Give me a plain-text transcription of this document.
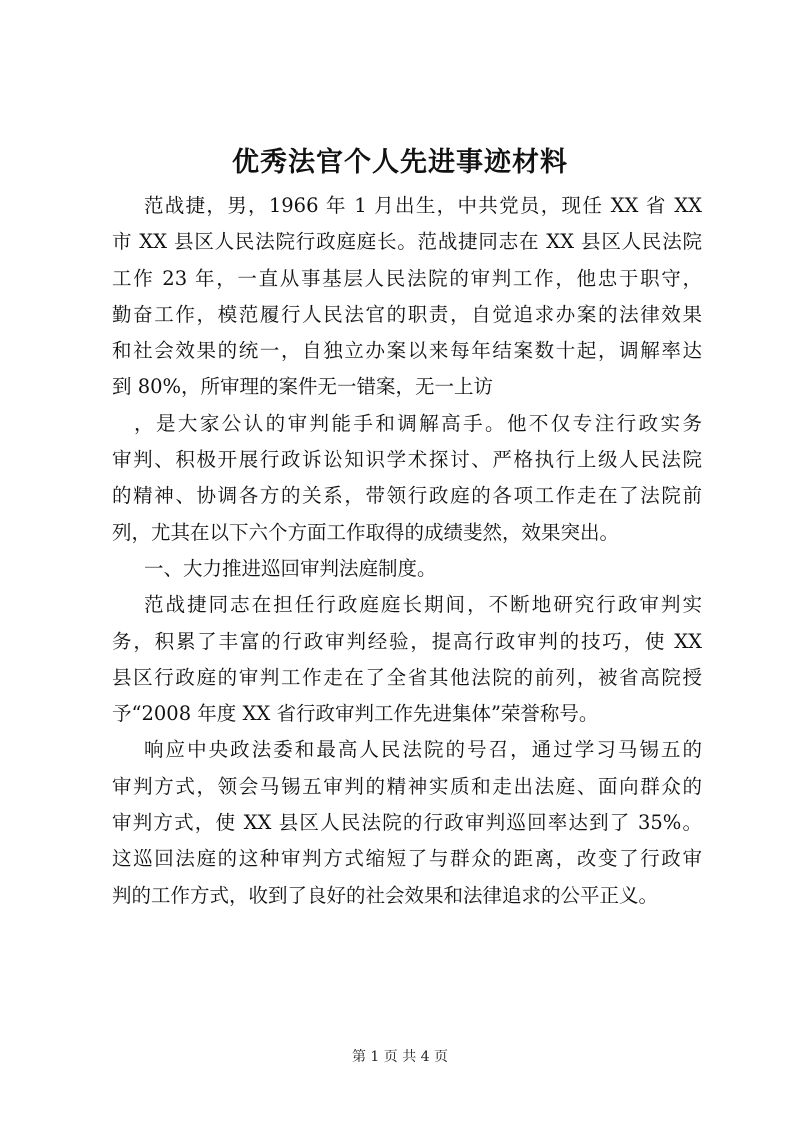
优秀法官个人先进事迹材料
范战捷，男，1966 年 1 月出生，中共党员，现任 XX 省 XX
市 XX 县区人民法院行政庭庭长。范战捷同志在 XX 县区人民法院
工作 23 年，一直从事基层人民法院的审判工作，他忠于职守，
勤奋工作，模范履行人民法官的职责，自觉追求办案的法律效果
和社会效果的统一，自独立办案以来每年结案数十起，调解率达
到 80%，所审理的案件无一错案，无一上访
，是大家公认的审判能手和调解高手。他不仅专注行政实务
审判、积极开展行政诉讼知识学术探讨、严格执行上级人民法院
的精神、协调各方的关系，带领行政庭的各项工作走在了法院前
列，尤其在以下六个方面工作取得的成绩斐然，效果突出。
一、大力推进巡回审判法庭制度。
范战捷同志在担任行政庭庭长期间，不断地研究行政审判实
务，积累了丰富的行政审判经验，提高行政审判的技巧，使 XX
县区行政庭的审判工作走在了全省其他法院的前列，被省高院授
予“2008 年度 XX 省行政审判工作先进集体”荣誉称号。
响应中央政法委和最高人民法院的号召，通过学习马锡五的
审判方式，领会马锡五审判的精神实质和走出法庭、面向群众的
审判方式，使 XX 县区人民法院的行政审判巡回率达到了 35%。
这巡回法庭的这种审判方式缩短了与群众的距离，改变了行政审
判的工作方式，收到了良好的社会效果和法律追求的公平正义。

第 1 页 共 4 页
